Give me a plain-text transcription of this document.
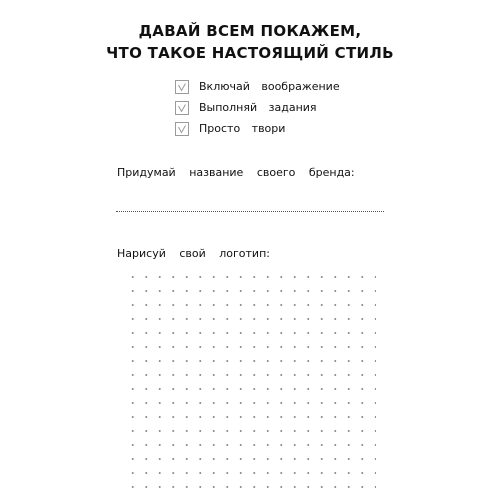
ДАВАЙ ВСЕМ ПОКАЖЕМ,
ЧТО ТАКОЕ НАСТОЯЩИЙ СТИЛЬ
Включай воображение
Выполняй задания
Просто твори
Придумай название своего бренда:
Нарисуй свой логотип:
